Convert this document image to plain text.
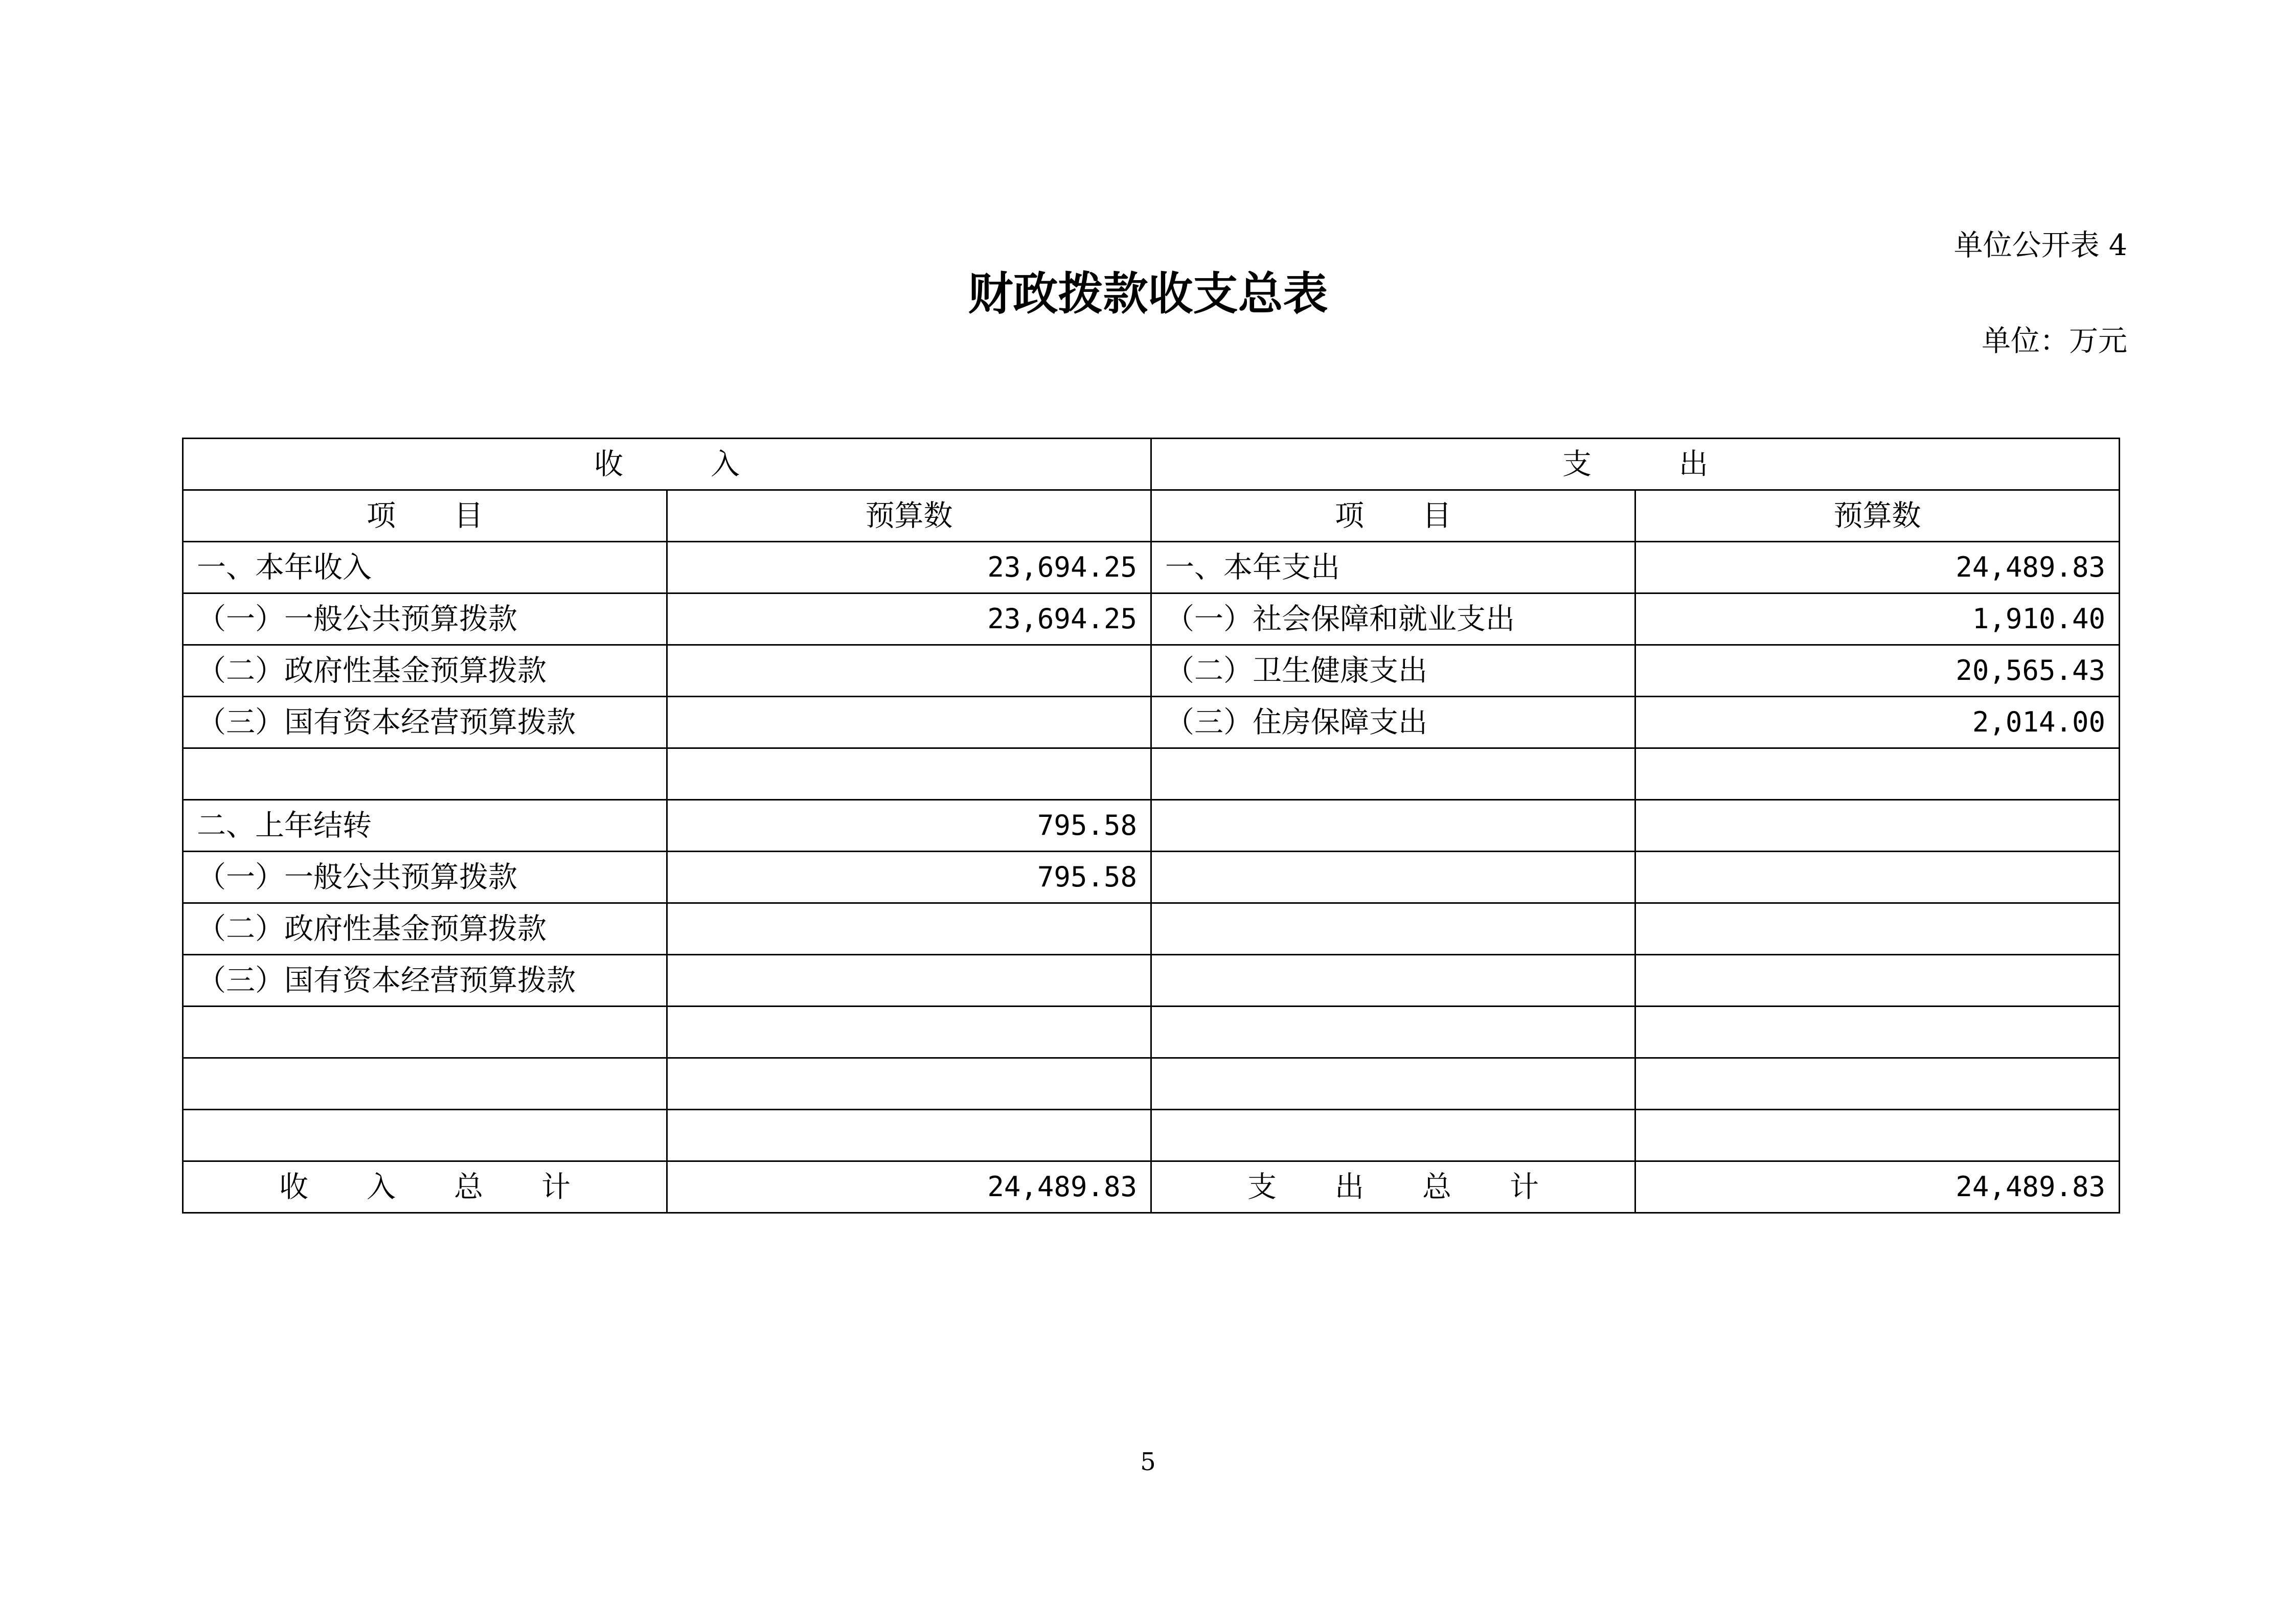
单位公开表 4
财政拨款收支总表
单位：万元
收　　　入		支　　　出	
项　　目	预算数	项　　目	预算数
一、本年收入	23,694.25	一、本年支出	24,489.83
（一）一般公共预算拨款	23,694.25	（一）社会保障和就业支出	1,910.40
（二）政府性基金预算拨款		（二）卫生健康支出	20,565.43
（三）国有资本经营预算拨款		（三）住房保障支出	2,014.00

二、上年结转	795.58		
（一）一般公共预算拨款	795.58		
（二）政府性基金预算拨款			
（三）国有资本经营预算拨款			

收　　入　　总　　计	24,489.83	支　　出　　总　　计	24,489.83
5
